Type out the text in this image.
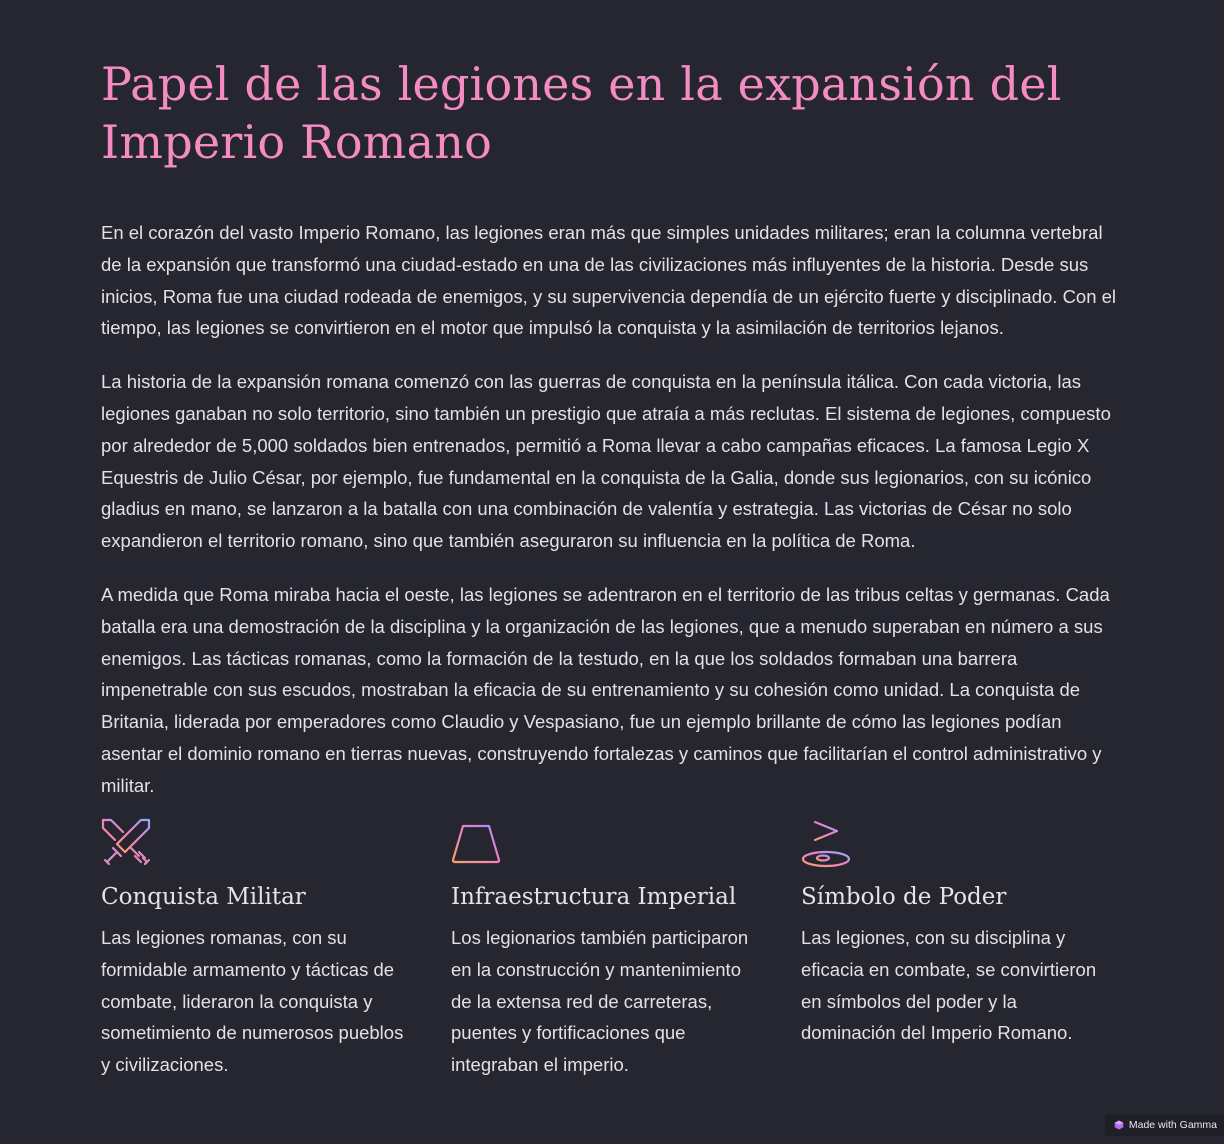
Papel de las legiones en la expansión del Imperio Romano

En el corazón del vasto Imperio Romano, las legiones eran más que simples unidades militares; eran la columna vertebral de la expansión que transformó una ciudad-estado en una de las civilizaciones más influyentes de la historia. Desde sus inicios, Roma fue una ciudad rodeada de enemigos, y su supervivencia dependía de un ejército fuerte y disciplinado. Con el tiempo, las legiones se convirtieron en el motor que impulsó la conquista y la asimilación de territorios lejanos.

La historia de la expansión romana comenzó con las guerras de conquista en la península itálica. Con cada victoria, las legiones ganaban no solo territorio, sino también un prestigio que atraía a más reclutas. El sistema de legiones, compuesto por alrededor de 5,000 soldados bien entrenados, permitió a Roma llevar a cabo campañas eficaces. La famosa Legio X Equestris de Julio César, por ejemplo, fue fundamental en la conquista de la Galia, donde sus legionarios, con su icónico gladius en mano, se lanzaron a la batalla con una combinación de valentía y estrategia. Las victorias de César no solo expandieron el territorio romano, sino que también aseguraron su influencia en la política de Roma.

A medida que Roma miraba hacia el oeste, las legiones se adentraron en el territorio de las tribus celtas y germanas. Cada batalla era una demostración de la disciplina y la organización de las legiones, que a menudo superaban en número a sus enemigos. Las tácticas romanas, como la formación de la testudo, en la que los soldados formaban una barrera impenetrable con sus escudos, mostraban la eficacia de su entrenamiento y su cohesión como unidad. La conquista de Britania, liderada por emperadores como Claudio y Vespasiano, fue un ejemplo brillante de cómo las legiones podían asentar el dominio romano en tierras nuevas, construyendo fortalezas y caminos que facilitarían el control administrativo y militar.

Conquista Militar

Las legiones romanas, con su formidable armamento y tácticas de combate, lideraron la conquista y sometimiento de numerosos pueblos y civilizaciones.

Infraestructura Imperial

Los legionarios también participaron en la construcción y mantenimiento de la extensa red de carreteras, puentes y fortificaciones que integraban el imperio.

Símbolo de Poder

Las legiones, con su disciplina y eficacia en combate, se convirtieron en símbolos del poder y la dominación del Imperio Romano.

Made with Gamma
